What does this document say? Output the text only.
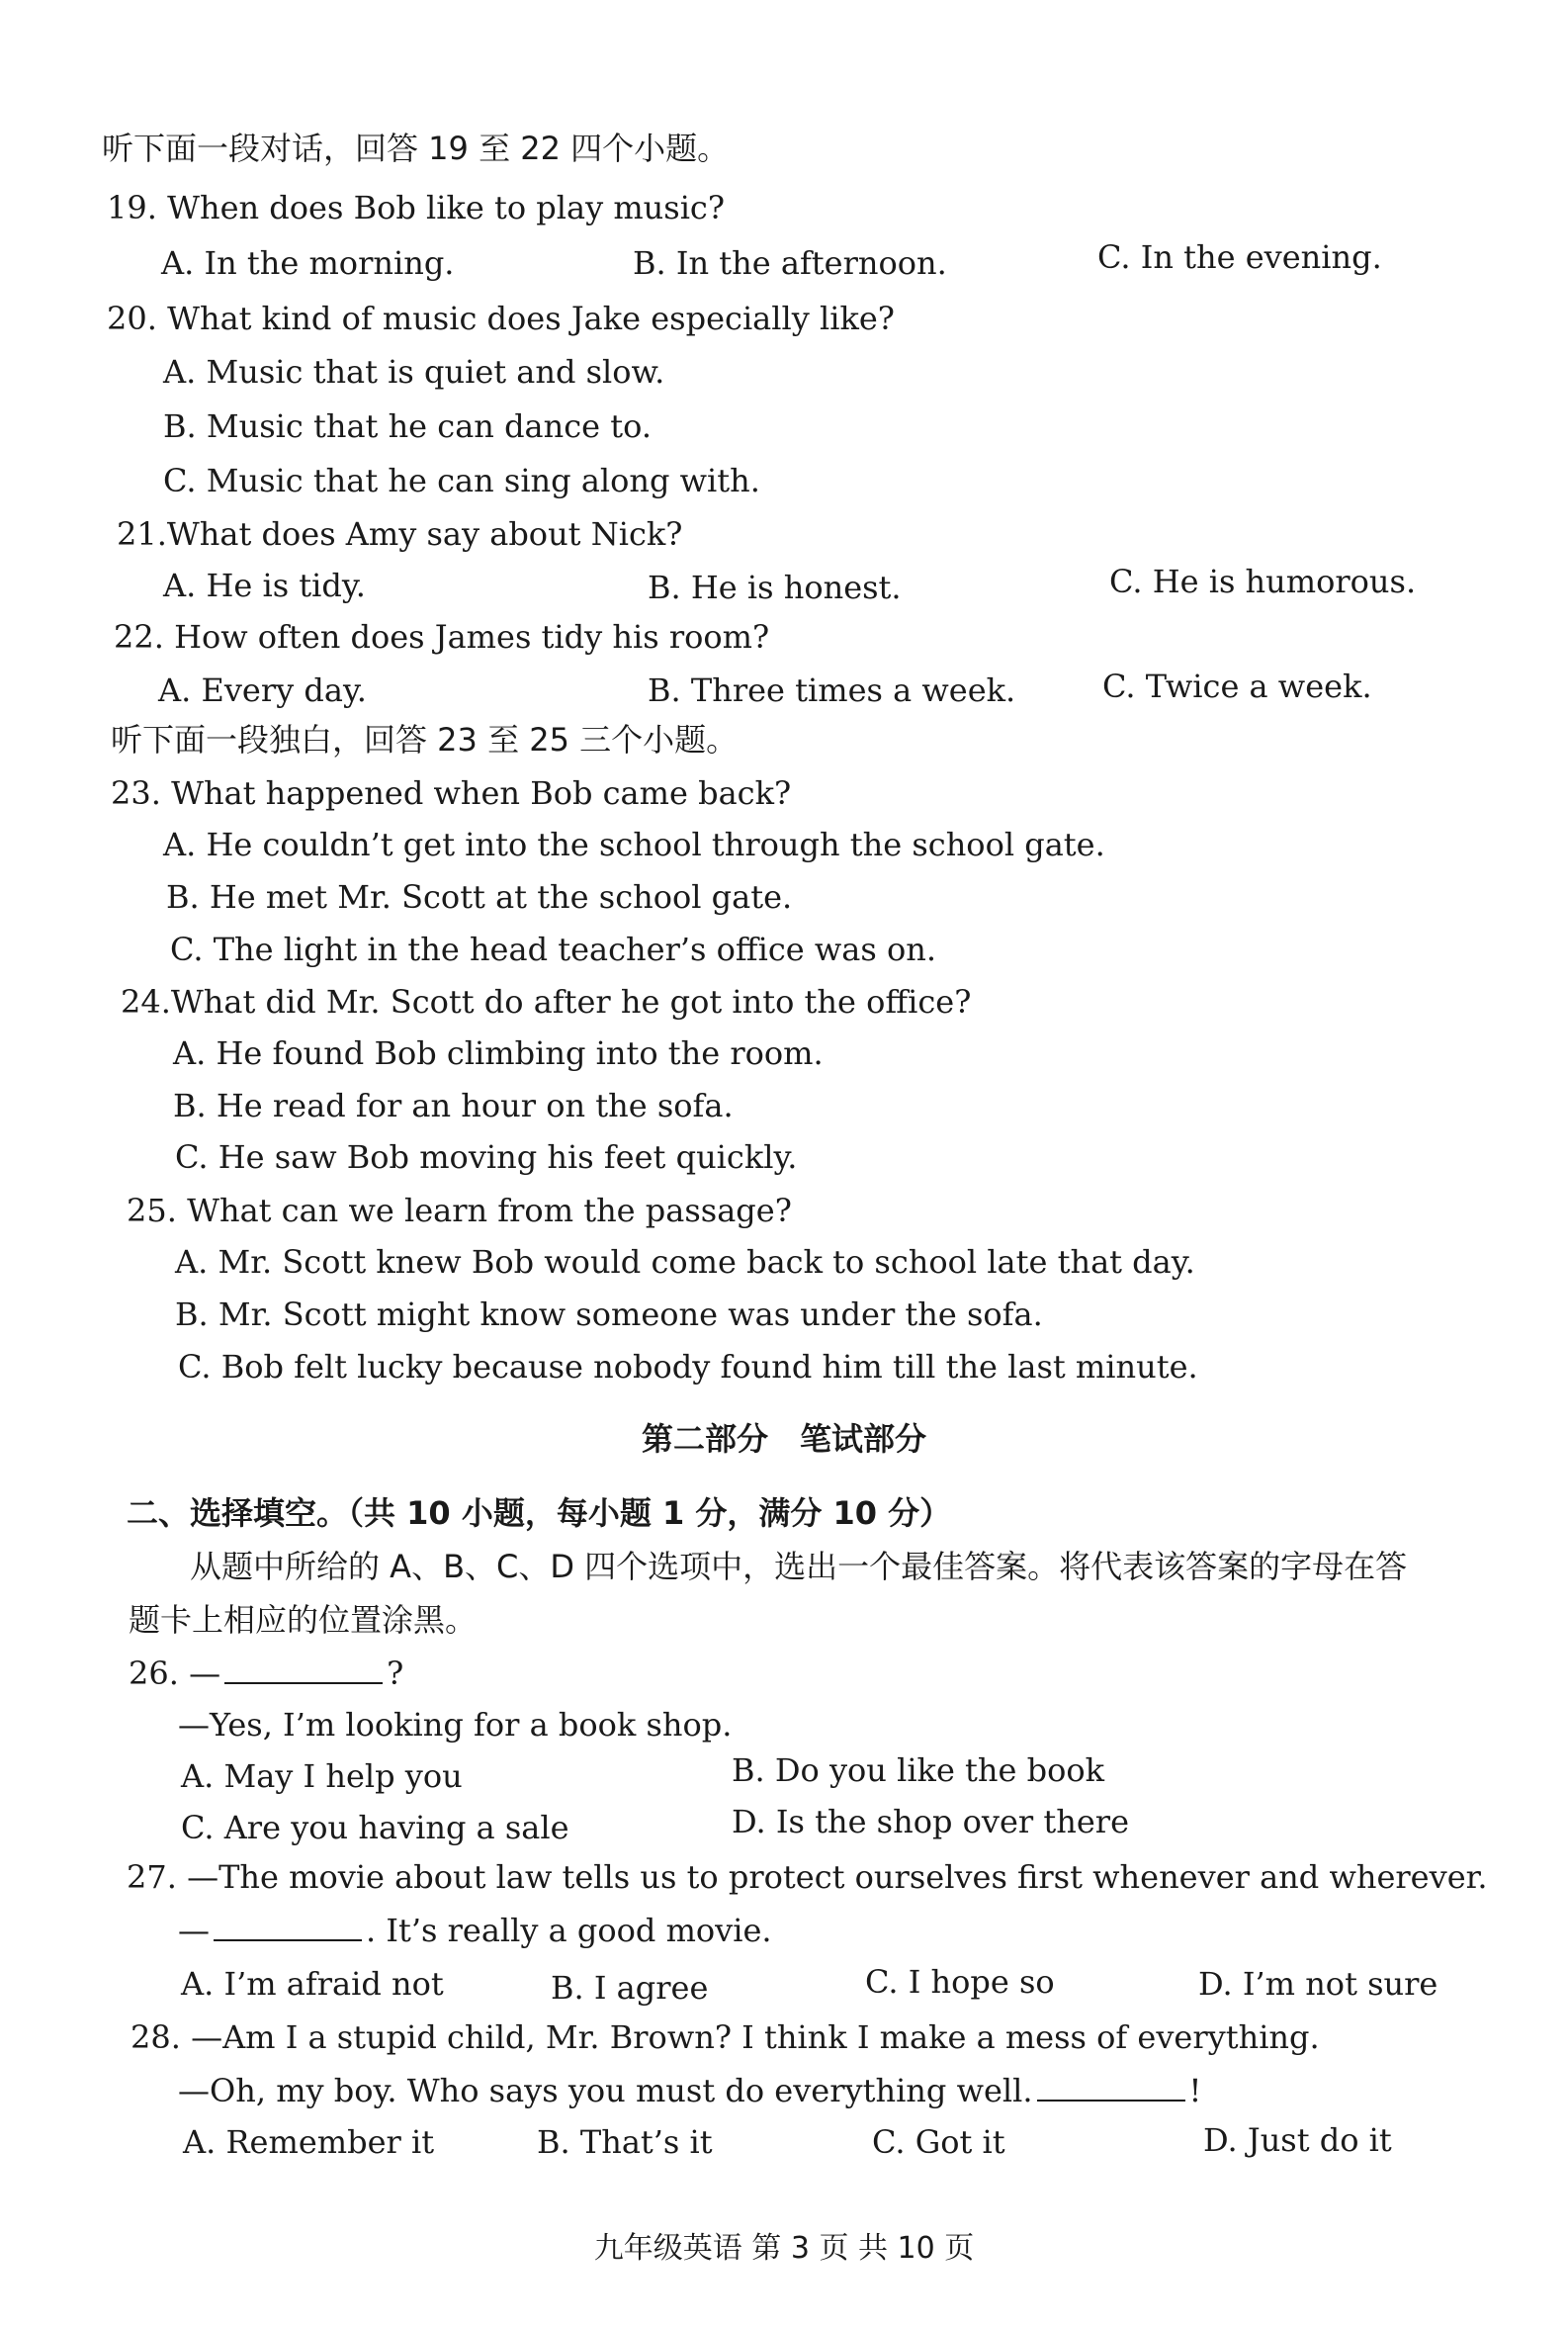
听下面一段对话，回答 19 至 22 四个小题。
19. When does Bob like to play music?
A. In the morning.	B. In the afternoon.	C. In the evening.
20. What kind of music does Jake especially like?
A. Music that is quiet and slow.
B. Music that he can dance to.
C. Music that he can sing along with.
21.What does Amy say about Nick?
A. He is tidy.	B. He is honest.	C. He is humorous.
22. How often does James tidy his room?
A. Every day.	B. Three times a week.	C. Twice a week.
听下面一段独白，回答 23 至 25 三个小题。
23. What happened when Bob came back?
A. He couldn’t get into the school through the school gate.
B. He met Mr. Scott at the school gate.
C. The light in the head teacher’s office was on.
24.What did Mr. Scott do after he got into the office?
A. He found Bob climbing into the room.
B. He read for an hour on the sofa.
C. He saw Bob moving his feet quickly.
25. What can we learn from the passage?
A. Mr. Scott knew Bob would come back to school late that day.
B. Mr. Scott might know someone was under the sofa.
C. Bob felt lucky because nobody found him till the last minute.
第二部分　笔试部分
二、选择填空。（共 10 小题，每小题 1 分，满分 10 分）
从题中所给的 A、B、C、D 四个选项中，选出一个最佳答案。将代表该答案的字母在答
题卡上相应的位置涂黑。
26. —	?
—Yes, I’m looking for a book shop.
A. May I help you	B. Do you like the book
C. Are you having a sale	D. Is the shop over there
27. —The movie about law tells us to protect ourselves first whenever and wherever.
—	. It’s really a good movie.
A. I’m afraid not	B. I agree	C. I hope so	D. I’m not sure
28. —Am I a stupid child, Mr. Brown? I think I make a mess of everything.
—Oh, my boy. Who says you must do everything well.	!
A. Remember it	B. That’s it	C. Got it	D. Just do it
九年级英语 第 3 页 共 10 页
